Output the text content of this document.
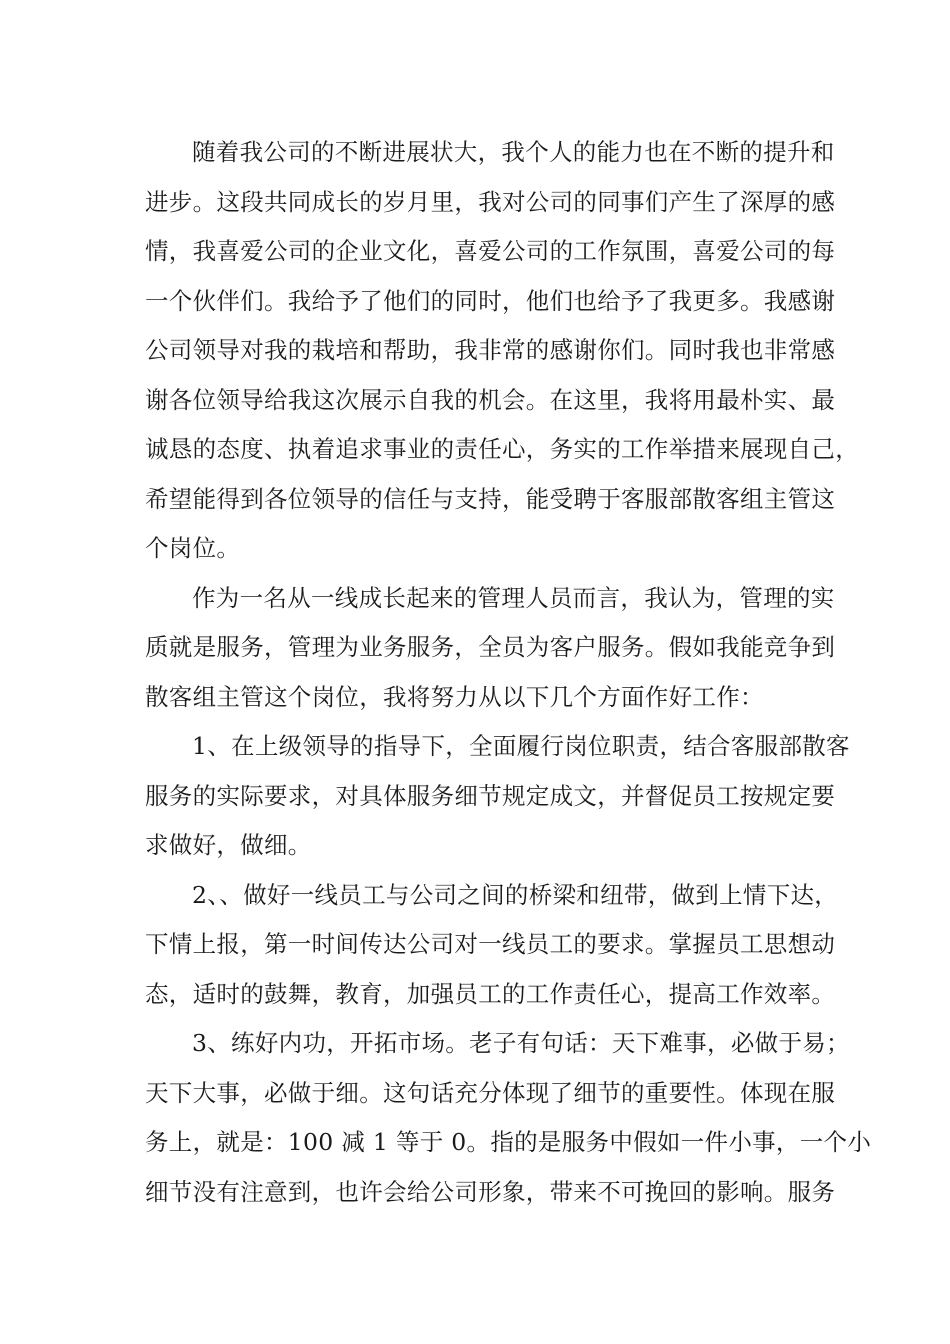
随着我公司的不断进展状大，我个人的能力也在不断的提升和
进步。这段共同成长的岁月里，我对公司的同事们产生了深厚的感
情，我喜爱公司的企业文化，喜爱公司的工作氛围，喜爱公司的每
一个伙伴们。我给予了他们的同时，他们也给予了我更多。我感谢
公司领导对我的栽培和帮助，我非常的感谢你们。同时我也非常感
谢各位领导给我这次展示自我的机会。在这里，我将用最朴实、最
诚恳的态度、执着追求事业的责任心，务实的工作举措来展现自己，
希望能得到各位领导的信任与支持，能受聘于客服部散客组主管这
个岗位。
作为一名从一线成长起来的管理人员而言，我认为，管理的实
质就是服务，管理为业务服务，全员为客户服务。假如我能竞争到
散客组主管这个岗位，我将努力从以下几个方面作好工作：
1、在上级领导的指导下，全面履行岗位职责，结合客服部散客
服务的实际要求，对具体服务细节规定成文，并督促员工按规定要
求做好，做细。
2、、做好一线员工与公司之间的桥梁和纽带，做到上情下达，
下情上报，第一时间传达公司对一线员工的要求。掌握员工思想动
态，适时的鼓舞，教育，加强员工的工作责任心，提高工作效率。
3、练好内功，开拓市场。老子有句话：天下难事，必做于易；
天下大事，必做于细。这句话充分体现了细节的重要性。体现在服
务上，就是：100 减 1 等于 0。指的是服务中假如一件小事，一个小
细节没有注意到，也许会给公司形象，带来不可挽回的影响。服务
